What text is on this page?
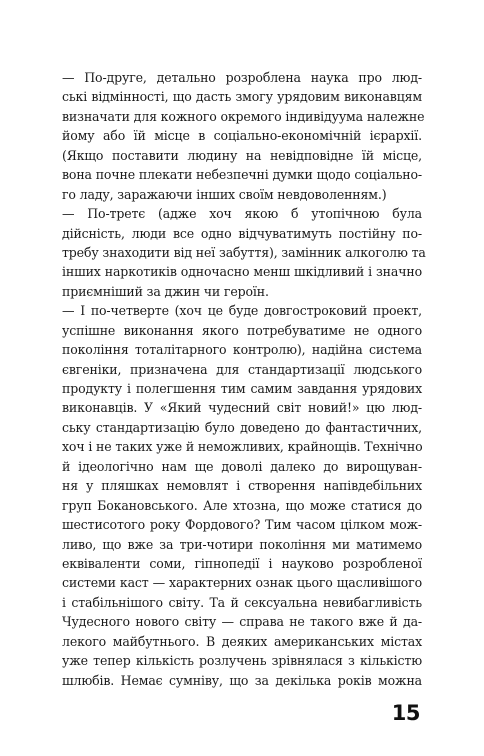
— По-друге, детально розроблена наука про люд-
ські відмінності, що дасть змогу урядовим виконавцям
визначати для кожного окремого індивідуума належне
йому або їй місце в соціально-економічній ієрархії.
(Якщо поставити людину на невідповідне їй місце,
вона почне плекати небезпечні думки щодо соціально-
го ладу, заражаючи інших своїм невдоволенням.)
— По-третє (адже хоч якою б утопічною була
дійсність, люди все одно відчуватимуть постійну по-
требу знаходити від неї забуття), замінник алкоголю та
інших наркотиків одночасно менш шкідливий і значно
приємніший за джин чи героїн.
— І по-четверте (хоч це буде довгостроковий проект,
успішне виконання якого потребуватиме не одного
покоління тоталітарного контролю), надійна система
євгеніки, призначена для стандартизації людського
продукту і полегшення тим самим завдання урядових
виконавців. У «Який чудесний світ новий!» цю люд-
ську стандартизацію було доведено до фантастичних,
хоч і не таких уже й неможливих, крайнощів. Технічно
й ідеологічно нам ще доволі далеко до вирощуван-
ня у пляшках немовлят і створення напівдебільних
груп Бокановського. Але хтозна, що може статися до
шестисотого року Фордового? Тим часом цілком мож-
ливо, що вже за три-чотири покоління ми матимемо
еквіваленти соми, гіпнопедії і науково розробленої
системи каст — характерних ознак цього щасливішого
і стабільнішого світу. Та й сексуальна невибагливість
Чудесного нового світу — справа не такого вже й да-
лекого майбутнього. В деяких американських містах
уже тепер кількість розлучень зрівнялася з кількістю
шлюбів. Немає сумніву, що за декілька років можна
15
